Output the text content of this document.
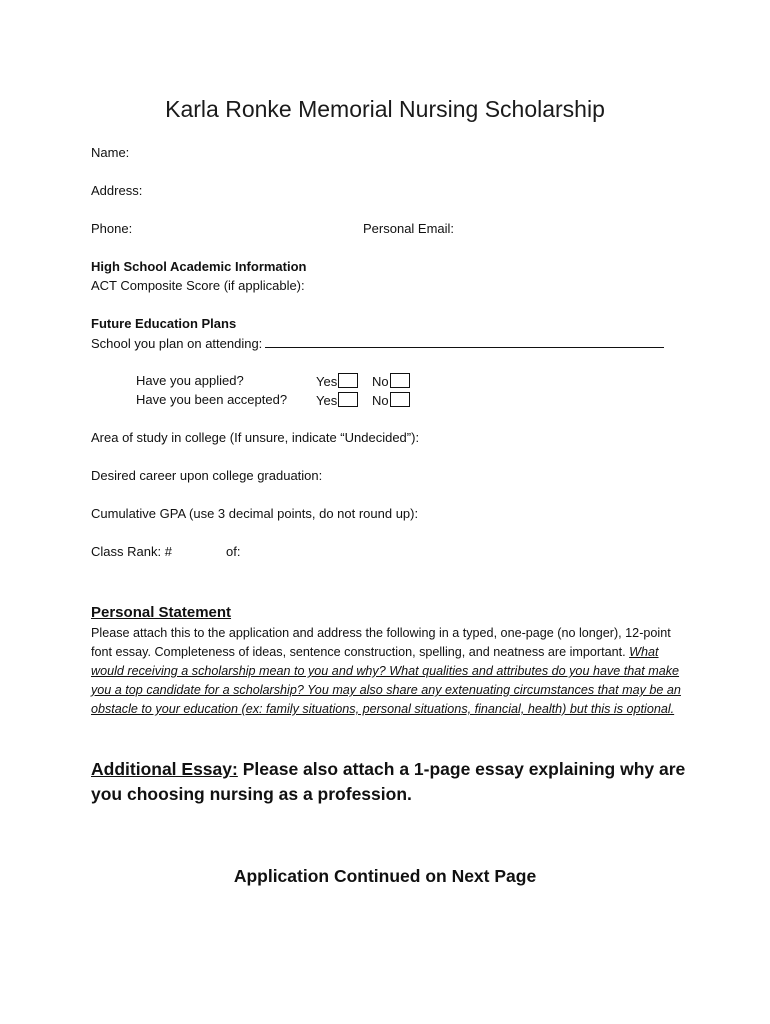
Karla Ronke Memorial Nursing Scholarship
Name:
Address:
Phone:	Personal Email:
High School Academic Information
ACT Composite Score (if applicable):
Future Education Plans
School you plan on attending:
Have you applied?	Yes	No
Have you been accepted? Yes	No
Area of study in college (If unsure, indicate “Undecided”):
Desired career upon college graduation:
Cumulative GPA (use 3 decimal points, do not round up):
Class Rank: #	of:
Personal Statement
Please attach this to the application and address the following in a typed, one-page (no longer), 12-point font essay. Completeness of ideas, sentence construction, spelling, and neatness are important. What would receiving a scholarship mean to you and why? What qualities and attributes do you have that make you a top candidate for a scholarship? You may also share any extenuating circumstances that may be an obstacle to your education (ex: family situations, personal situations, financial, health) but this is optional.
Additional Essay: Please also attach a 1-page essay explaining why are you choosing nursing as a profession.
Application Continued on Next Page
